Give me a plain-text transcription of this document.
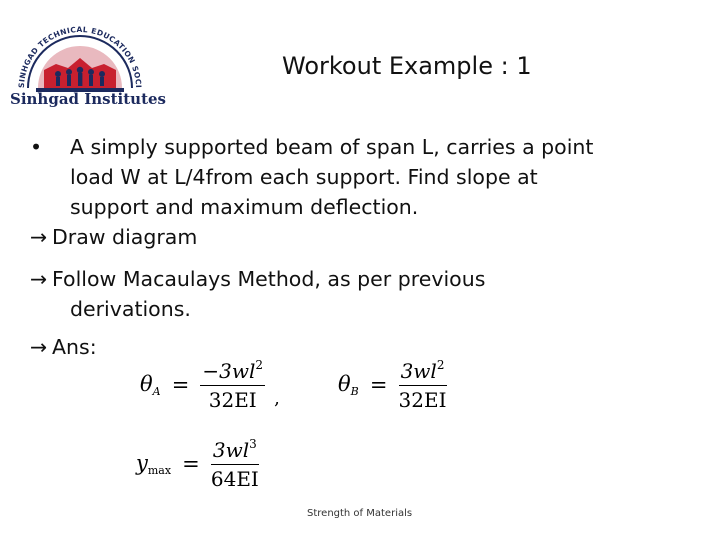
SINHGAD TECHNICAL EDUCATION SOCI
Sinhgad Institutes
Workout Example : 1
• A simply supported beam of span L, carries a point
load W at L/4from each support. Find slope at
support and maximum deflection.
→ Draw diagram
→ Follow Macaulays Method, as per previous
derivations.
→ Ans:
$\theta_A = \frac{-3wl^2}{32EI}$ ,
$\theta_B = \frac{3wl^2}{32EI}$
$y_{max} = \frac{3wl^3}{64EI}$
Strength of Materials
